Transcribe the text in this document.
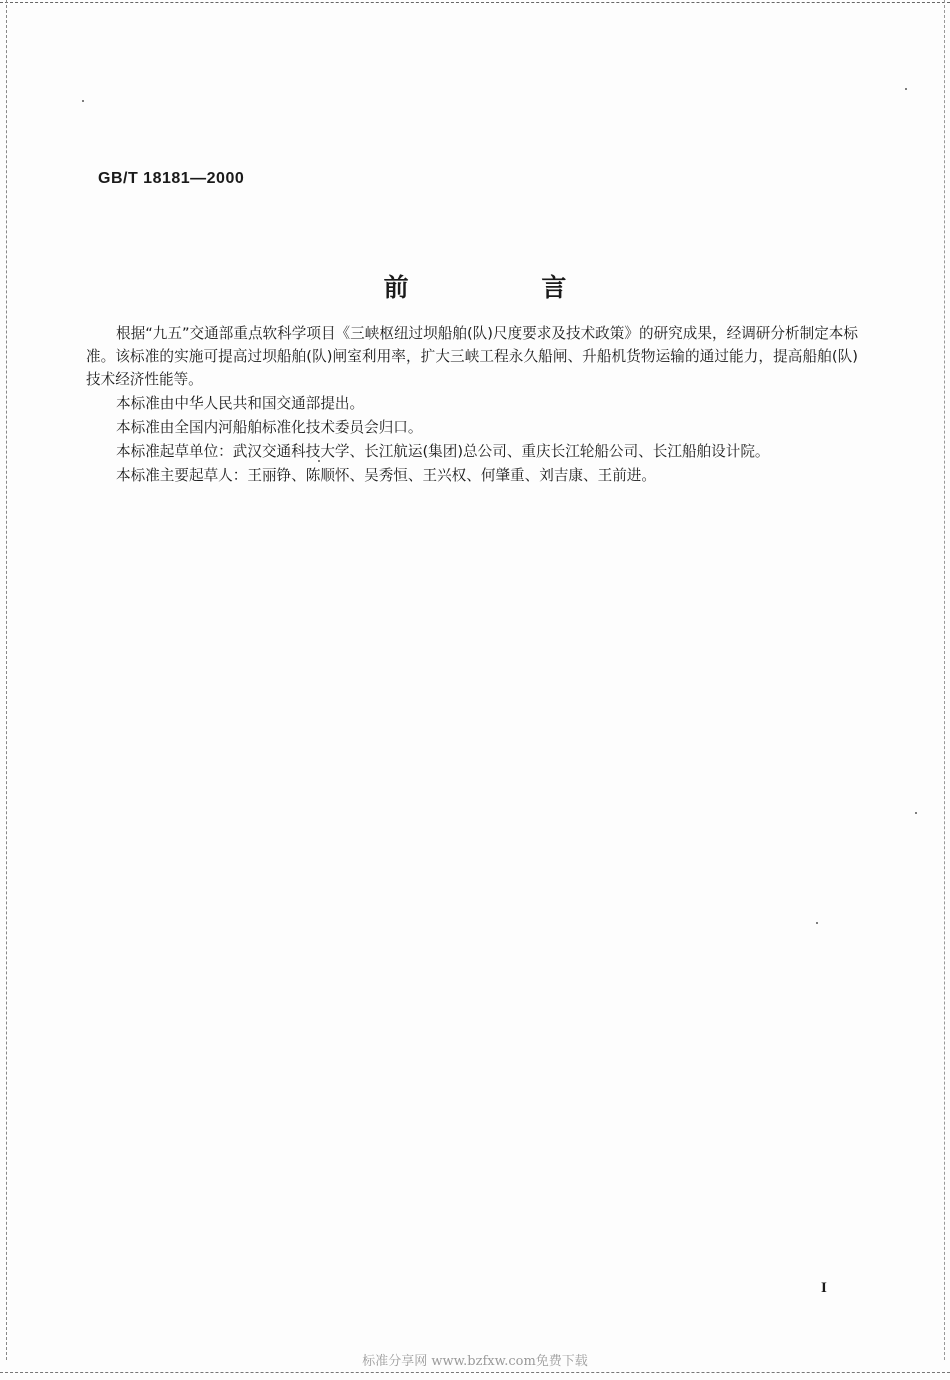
GB/T 18181—2000
前 言

根据“九五”交通部重点软科学项目《三峡枢纽过坝船舶(队)尺度要求及技术政策》的研究成果，经调研分析制定本标准。该标准的实施可提高过坝船舶(队)闸室利用率，扩大三峡工程永久船闸、升船机货物运输的通过能力，提高船舶(队)技术经济性能等。

本标准由中华人民共和国交通部提出。

本标准由全国内河船舶标准化技术委员会归口。

本标准起草单位：武汉交通科技大学、长江航运(集团)总公司、重庆长江轮船公司、长江船舶设计院。

本标准主要起草人：王丽铮、陈顺怀、吴秀恒、王兴权、何肇重、刘吉康、王前进。

I
标准分享网 www.bzfxw.com免费下载
